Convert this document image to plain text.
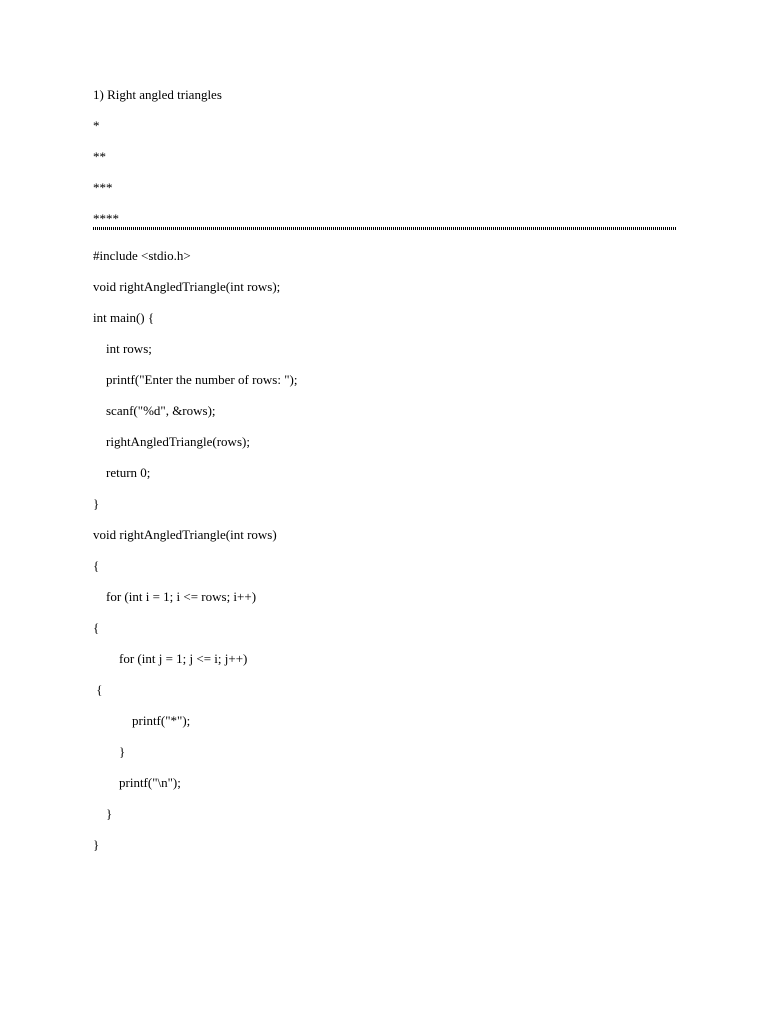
1) Right angled triangles

*

**

***

****

#include <stdio.h>

void rightAngledTriangle(int rows);

int main() {

int rows;

printf("Enter the number of rows: ");

scanf("%d", &rows);

rightAngledTriangle(rows);

return 0;

}

void rightAngledTriangle(int rows)

{

for (int i = 1; i <= rows; i++)

{

for (int j = 1; j <= i; j++)

{

printf("*");

}

printf("\n");

}

}
